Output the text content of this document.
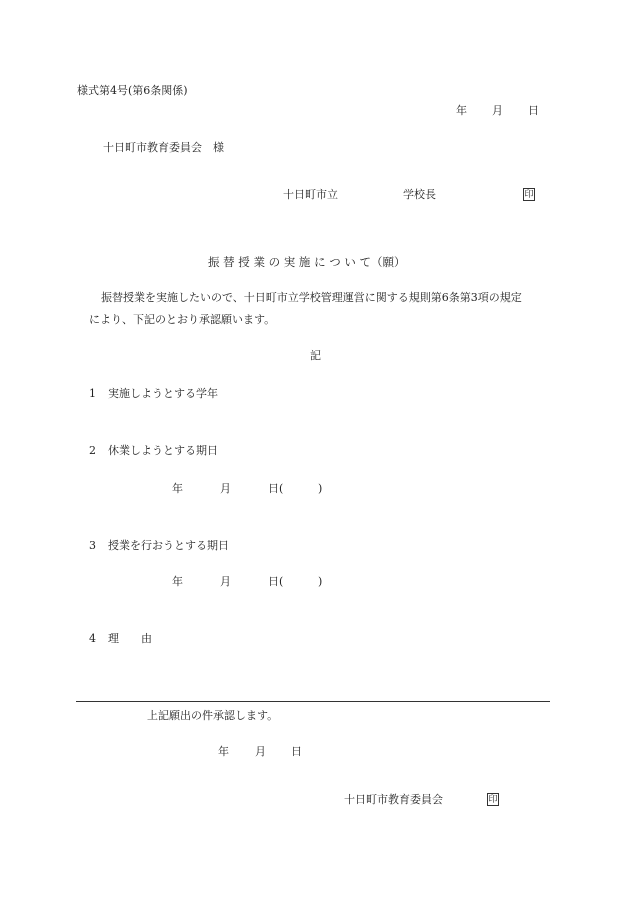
様式第4号(第6条関係)
年 月 日
十日町市教育委員会　様
十日町市立	学校長	印
振 替 授 業 の 実 施 に つ い て（願）
振替授業を実施したいので、十日町市立学校管理運営に関する規則第6条第3項の規定
により、下記のとおり承認願います。
記
1 実施しようとする学年
2 休業しようとする期日
年	月	日(	)
3 授業を行おうとする期日
年	月	日(	)
4 理　　由
上記願出の件承認します。
年 月 日
十日町市教育委員会	印
